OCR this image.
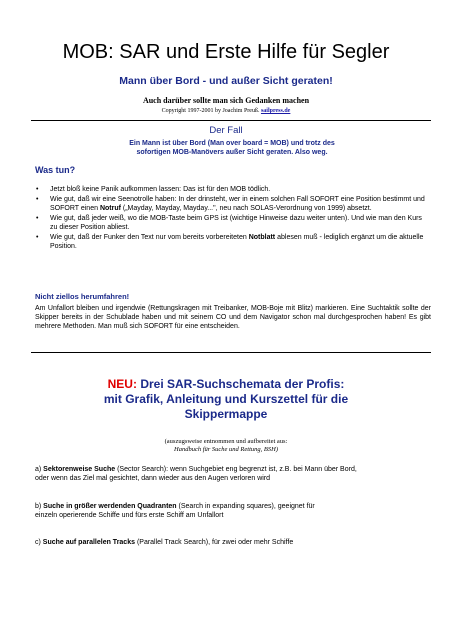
MOB: SAR und Erste Hilfe für Segler
Mann über Bord - und außer Sicht geraten!
Auch darüber sollte man sich Gedanken machen
Copyright 1997-2001 by Joachim Preuß. sailpress.de
Der Fall
Ein Mann ist über Bord (Man over board = MOB) und trotz des
sofortigen MOB-Manövers außer Sicht geraten. Also weg.
Was tun?
• Jetzt bloß keine Panik aufkommen lassen: Das ist für den MOB tödlich.
• Wie gut, daß wir eine Seenotrolle haben: In der drinsteht, wer in einem solchen Fall SOFORT eine Position bestimmt und SOFORT einen Notruf („Mayday, Mayday, Mayday...", neu nach SOLAS-Verordnung von 1999) absetzt.
• Wie gut, daß jeder weiß, wo die MOB-Taste beim GPS ist (wichtige Hinweise dazu weiter unten). Und wie man den Kurs zu dieser Position abliest.
• Wie gut, daß der Funker den Text nur vom bereits vorbereiteten Notblatt ablesen muß - lediglich ergänzt um die aktuelle Position.
Nicht ziellos herumfahren!
Am Unfallort bleiben und irgendwie (Rettungskragen mit Treibanker, MOB-Boje mit Blitz) markieren. Eine Suchtaktik sollte der Skipper bereits in der Schublade haben und mit seinem CO und dem Navigator schon mal durchgesprochen haben! Es gibt mehrere Methoden. Man muß sich SOFORT für eine entscheiden.
NEU: Drei SAR-Suchschemata der Profis:
mit Grafik, Anleitung und Kurszettel für die
Skippermappe
(auszugsweise entnommen und aufbereitet aus:
Handbuch für Suche und Rettung, BSH)
a) Sektorenweise Suche (Sector Search): wenn Suchgebiet eng begrenzt ist, z.B. bei Mann über Bord,
oder wenn das Ziel mal gesichtet, dann wieder aus den Augen verloren wird
b) Suche in größer werdenden Quadranten (Search in expanding squares), geeignet für
einzeln operierende Schiffe und fürs erste Schiff am Unfallort
c) Suche auf parallelen Tracks (Parallel Track Search), für zwei oder mehr Schiffe
